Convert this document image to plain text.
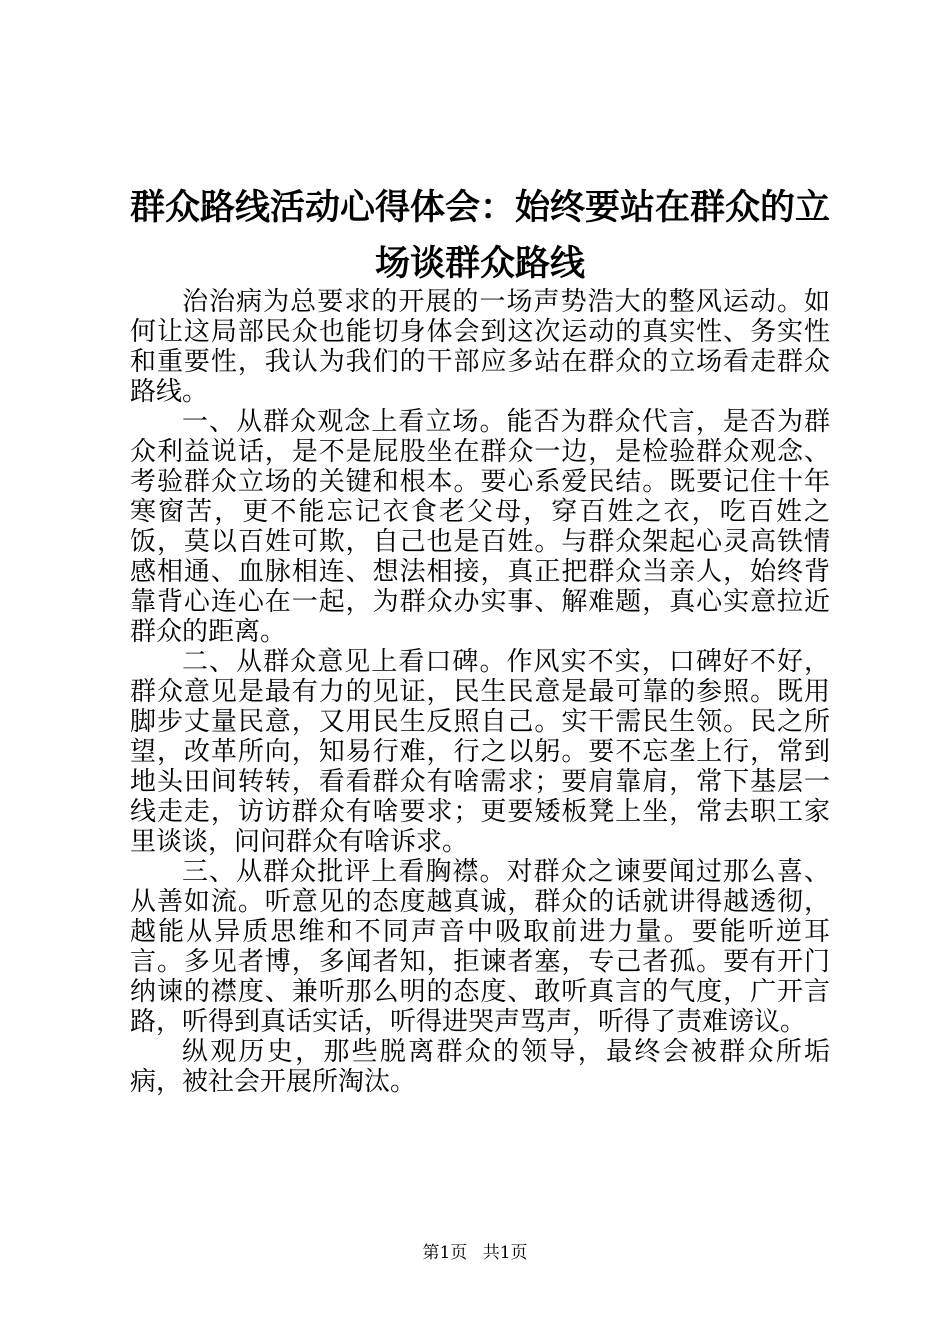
群众路线活动心得体会：始终要站在群众的立场谈群众路线

治治病为总要求的开展的一场声势浩大的整风运动。如何让这局部民众也能切身体会到这次运动的真实性、务实性和重要性，我认为我们的干部应多站在群众的立场看走群众路线。

一、从群众观念上看立场。能否为群众代言，是否为群众利益说话，是不是屁股坐在群众一边，是检验群众观念、考验群众立场的关键和根本。要心系爱民结。既要记住十年寒窗苦，更不能忘记衣食老父母，穿百姓之衣，吃百姓之饭，莫以百姓可欺，自己也是百姓。与群众架起心灵高铁情感相通、血脉相连、想法相接，真正把群众当亲人，始终背靠背心连心在一起，为群众办实事、解难题，真心实意拉近群众的距离。

二、从群众意见上看口碑。作风实不实，口碑好不好，群众意见是最有力的见证，民生民意是最可靠的参照。既用脚步丈量民意，又用民生反照自己。实干需民生领。民之所望，改革所向，知易行难，行之以躬。要不忘垄上行，常到地头田间转转，看看群众有啥需求；要肩靠肩，常下基层一线走走，访访群众有啥要求；更要矮板凳上坐，常去职工家里谈谈，问问群众有啥诉求。

三、从群众批评上看胸襟。对群众之谏要闻过那么喜、从善如流。听意见的态度越真诚，群众的话就讲得越透彻，越能从异质思维和不同声音中吸取前进力量。要能听逆耳言。多见者博，多闻者知，拒谏者塞，专己者孤。要有开门纳谏的襟度、兼听那么明的态度、敢听真言的气度，广开言路，听得到真话实话，听得进哭声骂声，听得了责难谤议。

纵观历史，那些脱离群众的领导，最终会被群众所垢病，被社会开展所淘汰。

第1页 共1页
